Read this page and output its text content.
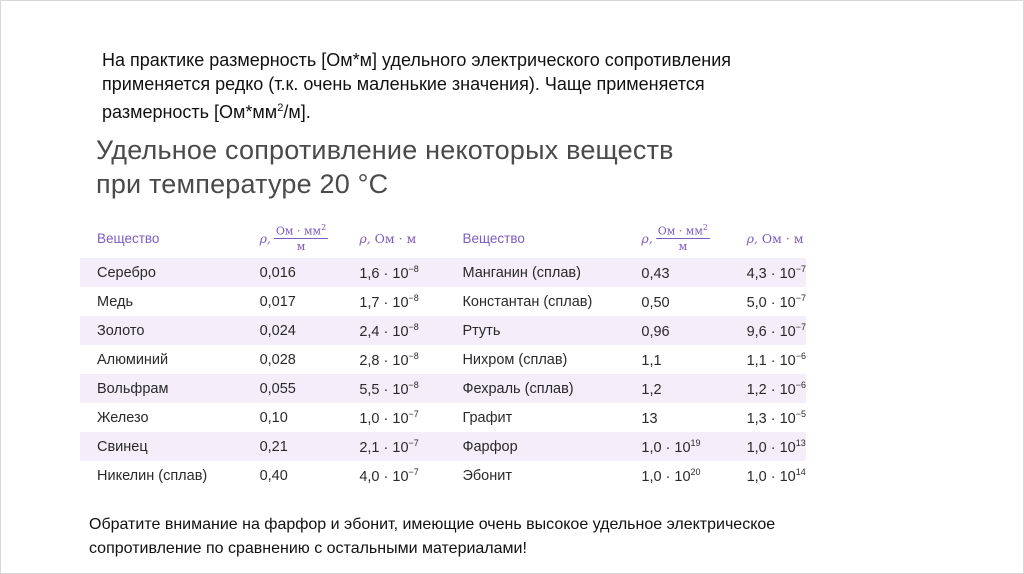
На практике размерность [Ом*м] удельного электрического сопротивления
применяется редко (т.к. очень маленькие значения). Чаще применяется
размерность $[Ом*мм^2/м]$.
Удельное сопротивление некоторых веществ
при температуре 20 °С
Вещество	ρ, $\frac{Ом \cdot мм^2}{м}$	ρ, Ом · м	Вещество	ρ, $\frac{Ом \cdot мм^2}{м}$	ρ, Ом · м
Серебро	0,016	$1,6 \cdot 10^{-8}$	Манганин (сплав)	0,43	$4,3 \cdot 10^{-7}$
Медь	0,017	$1,7 \cdot 10^{-8}$	Константан (сплав)	0,50	$5,0 \cdot 10^{-7}$
Золото	0,024	$2,4 \cdot 10^{-8}$	Ртуть	0,96	$9,6 \cdot 10^{-7}$
Алюминий	0,028	$2,8 \cdot 10^{-8}$	Нихром (сплав)	1,1	$1,1 \cdot 10^{-6}$
Вольфрам	0,055	$5,5 \cdot 10^{-8}$	Фехраль (сплав)	1,2	$1,2 \cdot 10^{-6}$
Железо	0,10	$1,0 \cdot 10^{-7}$	Графит	13	$1,3 \cdot 10^{-5}$
Свинец	0,21	$2,1 \cdot 10^{-7}$	Фарфор	$1,0 \cdot 10^{19}$	$1,0 \cdot 10^{13}$
Никелин (сплав)	0,40	$4,0 \cdot 10^{-7}$	Эбонит	$1,0 \cdot 10^{20}$	$1,0 \cdot 10^{14}$
Обратите внимание на фарфор и эбонит, имеющие очень высокое удельное электрическое
сопротивление по сравнению с остальными материалами!
